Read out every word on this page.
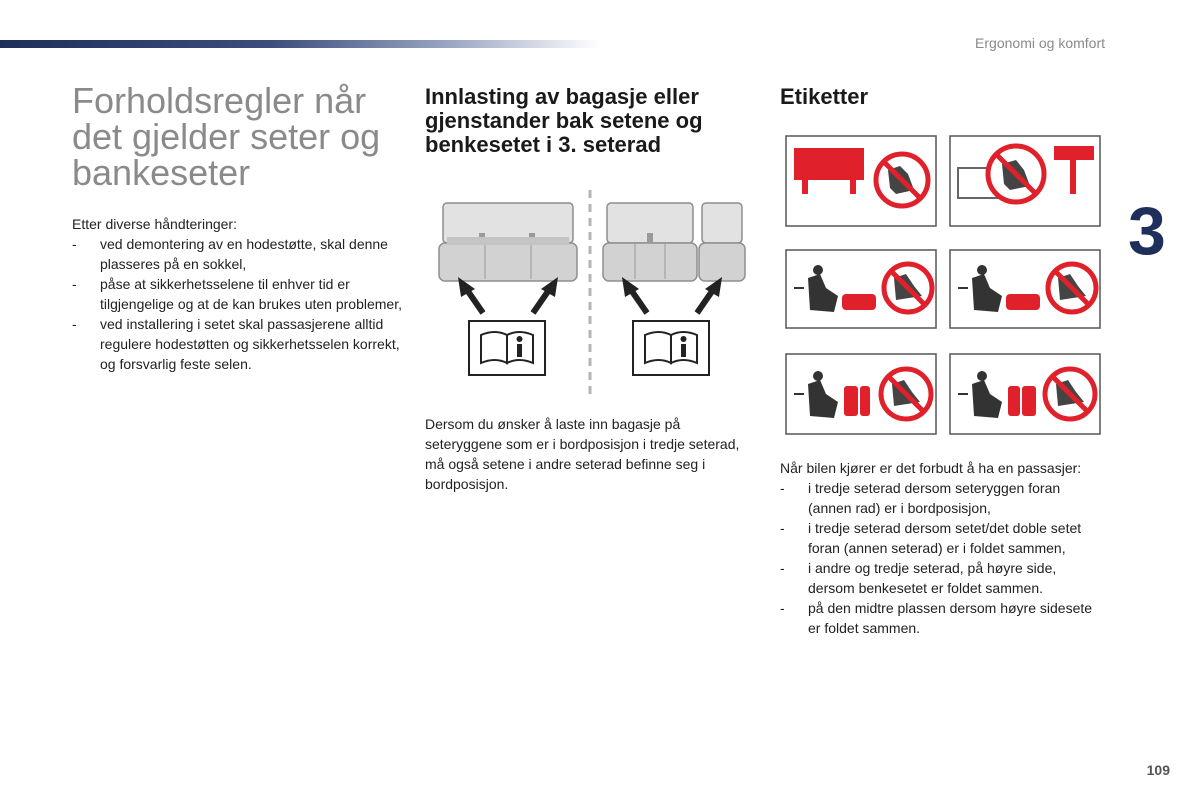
Ergonomi og komfort
3
109
Forholdsregler når det gjelder seter og bankeseter

Etter diverse håndteringer:

- ved demontering av en hodestøtte, skal denne plasseres på en sokkel,
- påse at sikkerhetsselene til enhver tid er tilgjengelige og at de kan brukes uten problemer,
- ved installering i setet skal passasjerene alltid regulere hodestøtten og sikkerhetsselen korrekt, og forsvarlig feste selen.
Innlasting av bagasje eller gjenstander bak setene og benkesetet i 3. seterad

Dersom du ønsker å laste inn bagasje på seteryggene som er i bordposisjon i tredje seterad, må også setene i andre seterad befinne seg i bordposisjon.

Etiketter

Når bilen kjører er det forbudt å ha en passasjer:

- i tredje seterad dersom seteryggen foran (annen rad) er i bordposisjon,
- i tredje seterad dersom setet/det doble setet foran (annen seterad) er i foldet sammen,
- i andre og tredje seterad, på høyre side, dersom benkesetet er foldet sammen.
- på den midtre plassen dersom høyre sidesete er foldet sammen.
